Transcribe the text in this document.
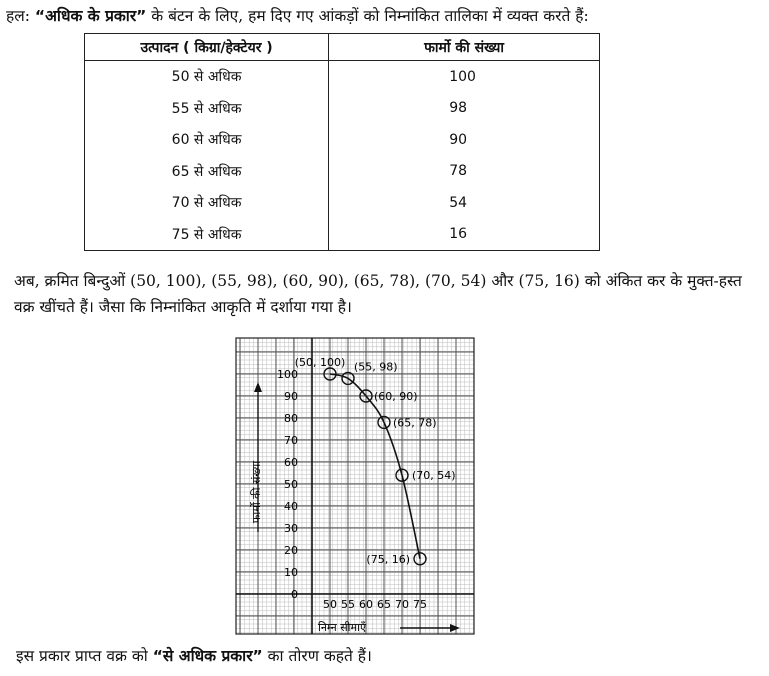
हल: “अधिक के प्रकार” के बंटन के लिए, हम दिए गए आंकड़ों को निम्नांकित तालिका में व्यक्त करते हैं:
उत्पादन ( किग्रा/हेक्टेयर )	फार्मो की संख्या
50 से अधिक	100
55 से अधिक	98
60 से अधिक	90
65 से अधिक	78
70 से अधिक	54
75 से अधिक	16
अब, क्रमित बिन्दुओं (50, 100), (55, 98), (60, 90), (65, 78), (70, 54) और (75, 16) को अंकित कर के मुक्त-हस्त वक्र खींचते हैं। जैसा कि निम्नांकित आकृति में दर्शाया गया है।
0
10
20
30
40
50
60
70
80
90
100
50 55 60 65 70 75
(50, 100) (55, 98)
(60, 90)
(65, 78)
(70, 54)
(75, 16)
निम्न सीमाएँ
फार्मो की संख्या
इस प्रकार प्राप्त वक्र को “से अधिक प्रकार” का तोरण कहते हैं।
